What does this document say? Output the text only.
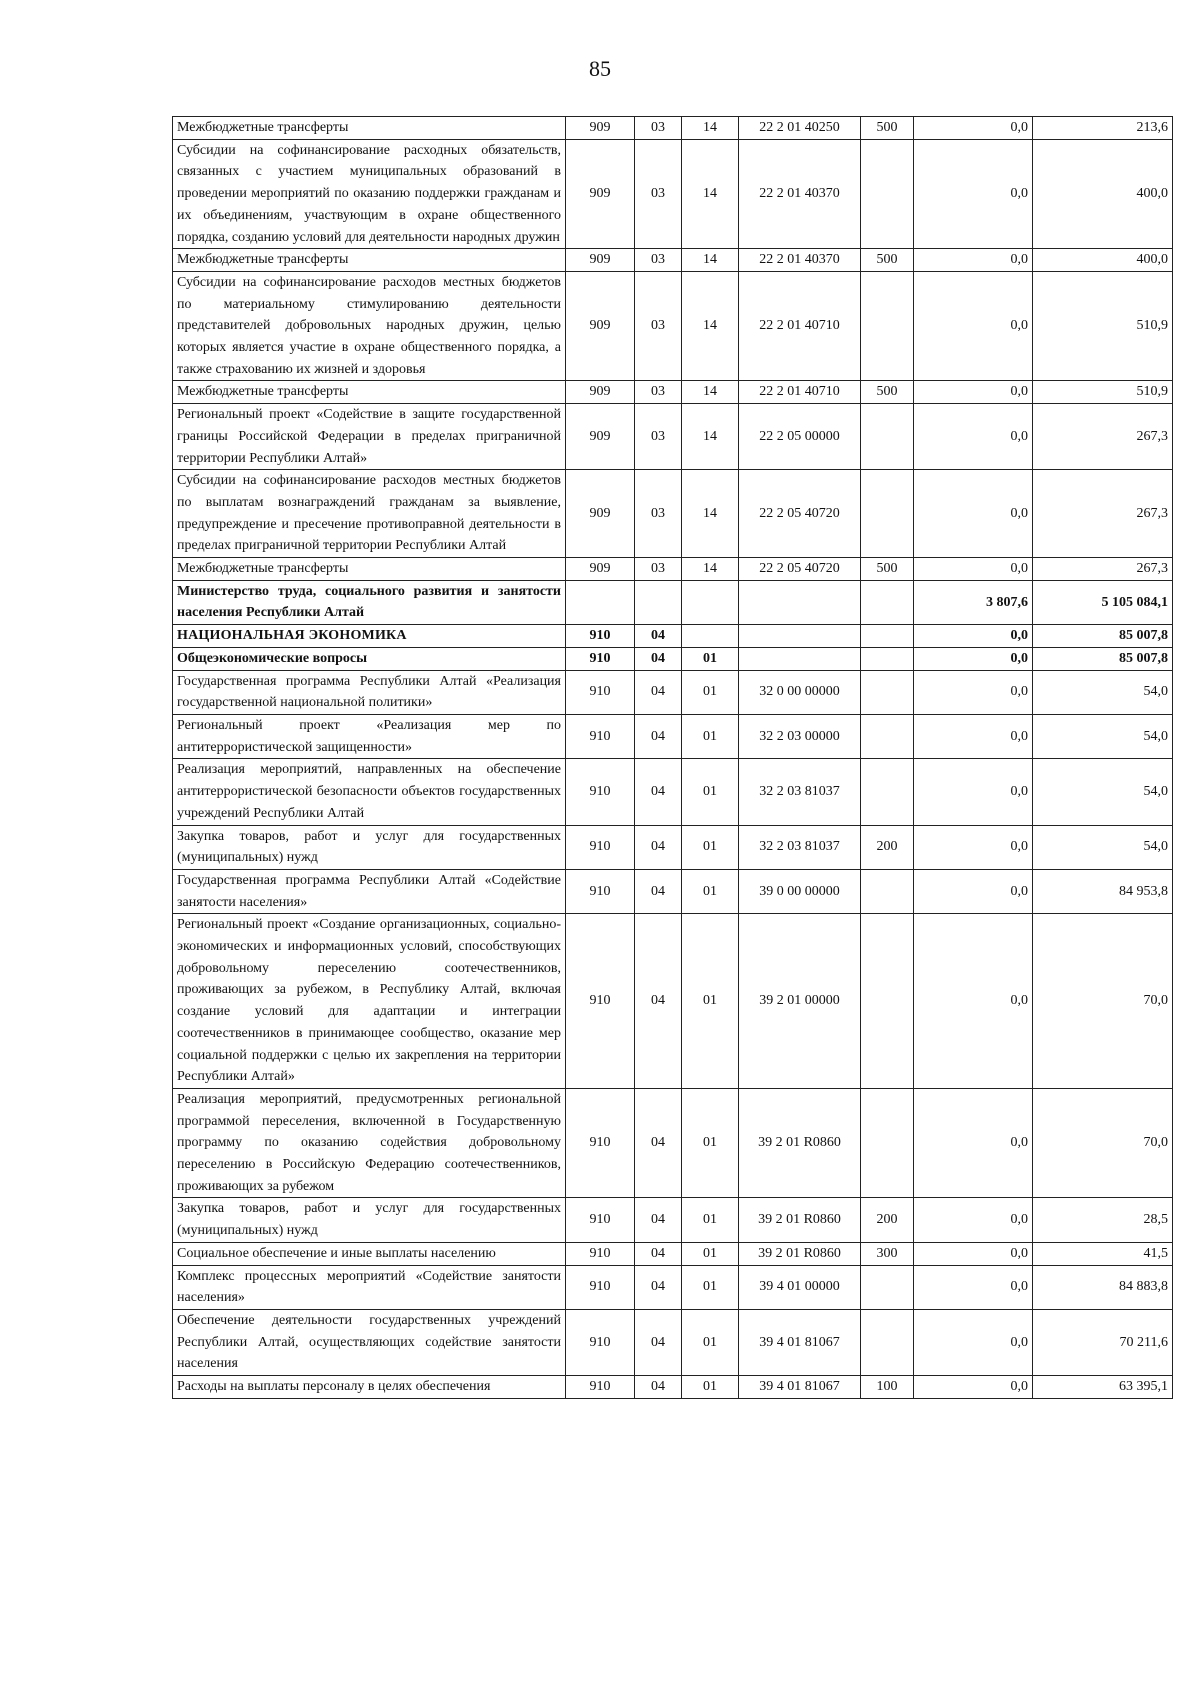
85
Межбюджетные трансферты	909	03	14	22 2 01 40250	500	0,0	213,6
Субсидии на софинансирование расходных обязательств, связанных с участием муниципальных образований в проведении мероприятий по оказанию поддержки гражданам и их объединениям, участвующим в охране общественного порядка, созданию условий для деятельности народных дружин	909	03	14	22 2 01 40370		0,0	400,0
Межбюджетные трансферты	909	03	14	22 2 01 40370	500	0,0	400,0
Субсидии на софинансирование расходов местных бюджетов по материальному стимулированию деятельности представителей добровольных народных дружин, целью которых является участие в охране общественного порядка, а также страхованию их жизней и здоровья	909	03	14	22 2 01 40710		0,0	510,9
Межбюджетные трансферты	909	03	14	22 2 01 40710	500	0,0	510,9
Региональный проект «Содействие в защите государственной границы Российской Федерации в пределах приграничной территории Республики Алтай»	909	03	14	22 2 05 00000		0,0	267,3
Субсидии на софинансирование расходов местных бюджетов по выплатам вознаграждений гражданам за выявление, предупреждение и пресечение противоправной деятельности в пределах приграничной территории Республики Алтай	909	03	14	22 2 05 40720		0,0	267,3
Межбюджетные трансферты	909	03	14	22 2 05 40720	500	0,0	267,3
Министерство труда, социального развития и занятости населения Республики Алтай						3 807,6	5 105 084,1
НАЦИОНАЛЬНАЯ ЭКОНОМИКА	910	04				0,0	85 007,8
Общеэкономические вопросы	910	04	01			0,0	85 007,8
Государственная программа Республики Алтай «Реализация государственной национальной политики»	910	04	01	32 0 00 00000		0,0	54,0
Региональный проект «Реализация мер по антитеррористической защищенности»	910	04	01	32 2 03 00000		0,0	54,0
Реализация мероприятий, направленных на обеспечение антитеррористической безопасности объектов государственных учреждений Республики Алтай	910	04	01	32 2 03 81037		0,0	54,0
Закупка товаров, работ и услуг для государственных (муниципальных) нужд	910	04	01	32 2 03 81037	200	0,0	54,0
Государственная программа Республики Алтай «Содействие занятости населения»	910	04	01	39 0 00 00000		0,0	84 953,8
Региональный проект «Создание организационных, социально-экономических и информационных условий, способствующих добровольному переселению соотечественников, проживающих за рубежом, в Республику Алтай, включая создание условий для адаптации и интеграции соотечественников в принимающее сообщество, оказание мер социальной поддержки с целью их закрепления на территории Республики Алтай»	910	04	01	39 2 01 00000		0,0	70,0
Реализация мероприятий, предусмотренных региональной программой переселения, включенной в Государственную программу по оказанию содействия добровольному переселению в Российскую Федерацию соотечественников, проживающих за рубежом	910	04	01	39 2 01 R0860		0,0	70,0
Закупка товаров, работ и услуг для государственных (муниципальных) нужд	910	04	01	39 2 01 R0860	200	0,0	28,5
Социальное обеспечение и иные выплаты населению	910	04	01	39 2 01 R0860	300	0,0	41,5
Комплекс процессных мероприятий «Содействие занятости населения»	910	04	01	39 4 01 00000		0,0	84 883,8
Обеспечение деятельности государственных учреждений Республики Алтай, осуществляющих содействие занятости населения	910	04	01	39 4 01 81067		0,0	70 211,6
Расходы на выплаты персоналу в целях обеспечения	910	04	01	39 4 01 81067	100	0,0	63 395,1
